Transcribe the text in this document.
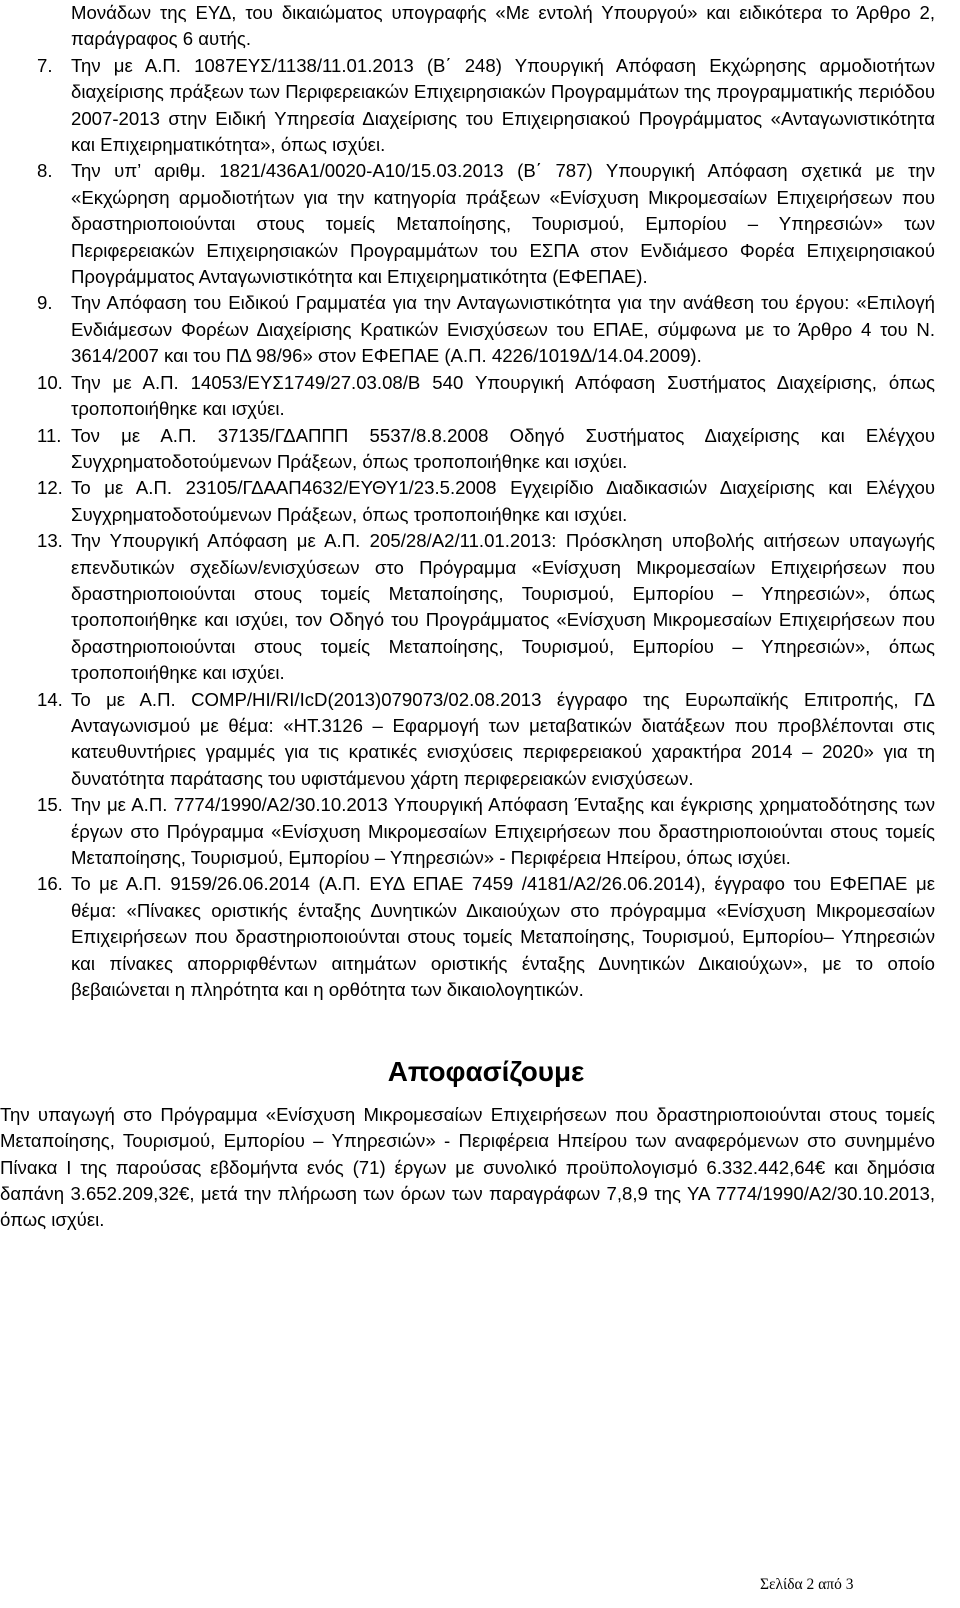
Μονάδων της ΕΥΔ, του δικαιώματος υπογραφής «Με εντολή Υπουργού» και ειδικότερα το Άρθρο 2, παράγραφος 6 αυτής.

7. Την με Α.Π. 1087ΕΥΣ/1138/11.01.2013 (Β΄ 248) Υπουργική Απόφαση Εκχώρησης αρμοδιοτήτων διαχείρισης πράξεων των Περιφερειακών Επιχειρησιακών Προγραμμάτων της προγραμματικής περιόδου 2007-2013 στην Ειδική Υπηρεσία Διαχείρισης του Επιχειρησιακού Προγράμματος «Ανταγωνιστικότητα και Επιχειρηματικότητα», όπως ισχύει.
8. Την υπ’ αριθμ. 1821/436Α1/0020-Α10/15.03.2013 (Β΄ 787) Υπουργική Απόφαση σχετικά με την «Εκχώρηση αρμοδιοτήτων για την κατηγορία πράξεων «Ενίσχυση Μικρομεσαίων Επιχειρήσεων που δραστηριοποιούνται στους τομείς Μεταποίησης, Τουρισμού, Εμπορίου – Υπηρεσιών» των Περιφερειακών Επιχειρησιακών Προγραμμάτων του ΕΣΠΑ στον Ενδιάμεσο Φορέα Επιχειρησιακού Προγράμματος Ανταγωνιστικότητα και Επιχειρηματικότητα (ΕΦΕΠΑΕ).
9. Την Απόφαση του Ειδικού Γραμματέα για την Ανταγωνιστικότητα για την ανάθεση του έργου: «Επιλογή Ενδιάμεσων Φορέων Διαχείρισης Κρατικών Ενισχύσεων του ΕΠΑΕ, σύμφωνα με το Άρθρο 4 του Ν. 3614/2007 και του ΠΔ 98/96» στον ΕΦΕΠΑΕ (Α.Π. 4226/1019Δ/14.04.2009).
10. Την με Α.Π. 14053/ΕΥΣ1749/27.03.08/Β 540 Υπουργική Απόφαση Συστήματος Διαχείρισης, όπως τροποποιήθηκε και ισχύει.
11. Τον με Α.Π. 37135/ΓΔΑΠΠΠ 5537/8.8.2008 Οδηγό Συστήματος Διαχείρισης και Ελέγχου Συγχρηματοδοτούμενων Πράξεων, όπως τροποποιήθηκε και ισχύει.
12. Το με Α.Π. 23105/ΓΔΑΑΠ4632/ΕΥΘΥ1/23.5.2008 Εγχειρίδιο Διαδικασιών Διαχείρισης και Ελέγχου Συγχρηματοδοτούμενων Πράξεων, όπως τροποποιήθηκε και ισχύει.
13. Την Υπουργική Απόφαση με Α.Π. 205/28/Α2/11.01.2013: Πρόσκληση υποβολής αιτήσεων υπαγωγής επενδυτικών σχεδίων/ενισχύσεων στο Πρόγραμμα «Ενίσχυση Μικρομεσαίων Επιχειρήσεων που δραστηριοποιούνται στους τομείς Μεταποίησης, Τουρισμού, Εμπορίου – Υπηρεσιών», όπως τροποποιήθηκε και ισχύει, τον Οδηγό του Προγράμματος «Ενίσχυση Μικρομεσαίων Επιχειρήσεων που δραστηριοποιούνται στους τομείς Μεταποίησης, Τουρισμού, Εμπορίου – Υπηρεσιών», όπως τροποποιήθηκε και ισχύει.
14. Το με Α.Π. COMP/HI/RI/IcD(2013)079073/02.08.2013 έγγραφο της Ευρωπαϊκής Επιτροπής, ΓΔ Ανταγωνισμού με θέμα: «ΗΤ.3126 – Εφαρμογή των μεταβατικών διατάξεων που προβλέπονται στις κατευθυντήριες γραμμές για τις κρατικές ενισχύσεις περιφερειακού χαρακτήρα 2014 – 2020» για τη δυνατότητα παράτασης του υφιστάμενου χάρτη περιφερειακών ενισχύσεων.
15. Την με Α.Π. 7774/1990/Α2/30.10.2013 Υπουργική Απόφαση Ένταξης και έγκρισης χρηματοδότησης των έργων στο Πρόγραμμα «Ενίσχυση Μικρομεσαίων Επιχειρήσεων που δραστηριοποιούνται στους τομείς Μεταποίησης, Τουρισμού, Εμπορίου – Υπηρεσιών» - Περιφέρεια Ηπείρου, όπως ισχύει.
16. Το με Α.Π. 9159/26.06.2014 (Α.Π. ΕΥΔ ΕΠΑΕ 7459 /4181/Α2/26.06.2014), έγγραφο του ΕΦΕΠΑΕ με θέμα: «Πίνακες οριστικής ένταξης Δυνητικών Δικαιούχων στο πρόγραμμα «Ενίσχυση Μικρομεσαίων Επιχειρήσεων που δραστηριοποιούνται στους τομείς Μεταποίησης, Τουρισμού, Εμπορίου– Υπηρεσιών και πίνακες απορριφθέντων αιτημάτων οριστικής ένταξης Δυνητικών Δικαιούχων», με το οποίο βεβαιώνεται η πληρότητα και η ορθότητα των δικαιολογητικών.
Αποφασίζουμε

Την υπαγωγή στο Πρόγραμμα «Ενίσχυση Μικρομεσαίων Επιχειρήσεων που δραστηριοποιούνται στους τομείς Μεταποίησης, Τουρισμού, Εμπορίου – Υπηρεσιών» - Περιφέρεια Ηπείρου των αναφερόμενων στο συνημμένο Πίνακα Ι της παρούσας εβδομήντα ενός (71) έργων με συνολικό προϋπολογισμό 6.332.442,64€ και δημόσια δαπάνη 3.652.209,32€, μετά την πλήρωση των όρων των παραγράφων 7,8,9 της ΥΑ 7774/1990/Α2/30.10.2013, όπως ισχύει.

Σελίδα 2 από 3
